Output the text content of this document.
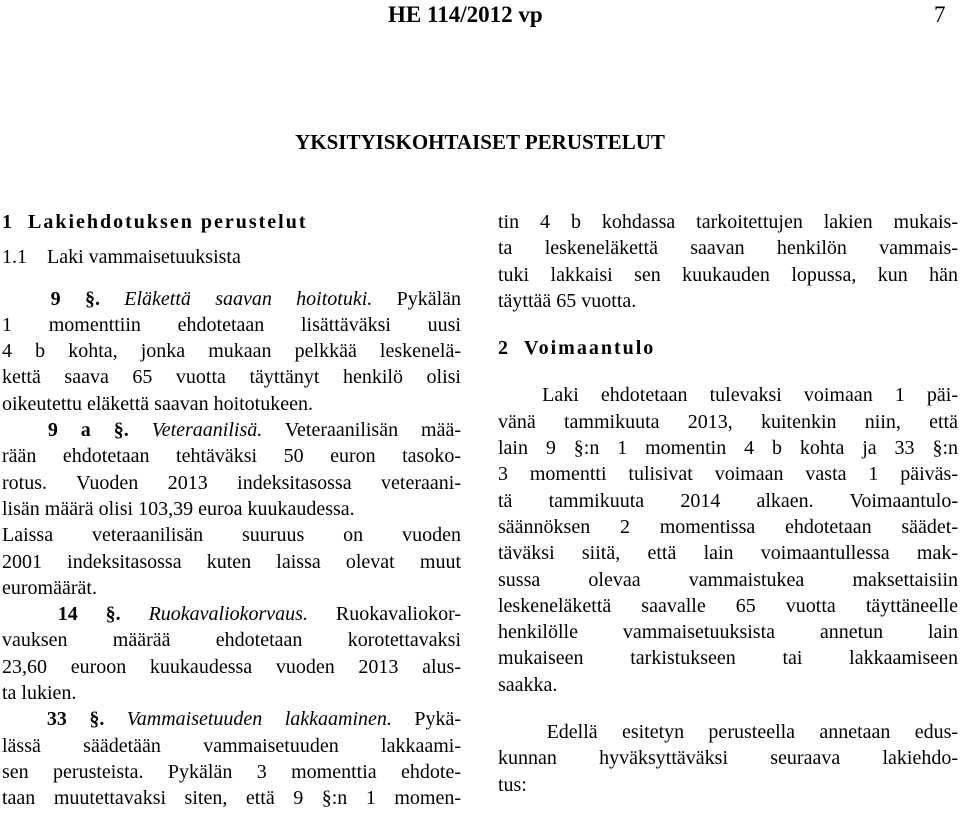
HE 114/2012 vp	7
YKSITYISKOHTAISET PERUSTELUT
1 Lakiehdotuksen perustelut
1.1 Laki vammaisetuuksista
9 §. Eläkettä saavan hoitotuki. Pykälän
1 momenttiin ehdotetaan lisättäväksi uusi
4 b kohta, jonka mukaan pelkkää leskenelä-
kettä saava 65 vuotta täyttänyt henkilö olisi
oikeutettu eläkettä saavan hoitotukeen.
9 a §. Veteraanilisä. Veteraanilisän mää-
rään ehdotetaan tehtäväksi 50 euron tasoko-
rotus. Vuoden 2013 indeksitasossa veteraani-
lisän määrä olisi 103,39 euroa kuukaudessa.
Laissa veteraanilisän suuruus on vuoden
2001 indeksitasossa kuten laissa olevat muut
euromäärät.
14 §. Ruokavaliokorvaus. Ruokavaliokor-
vauksen määrää ehdotetaan korotettavaksi
23,60 euroon kuukaudessa vuoden 2013 alus-
ta lukien.
33 §. Vammaisetuuden lakkaaminen. Pykä-
lässä säädetään vammaisetuuden lakkaami-
sen perusteista. Pykälän 3 momenttia ehdote-
taan muutettavaksi siten, että 9 §:n 1 momen-
tin 4 b kohdassa tarkoitettujen lakien mukais-
ta leskeneläkettä saavan henkilön vammais-
tuki lakkaisi sen kuukauden lopussa, kun hän
täyttää 65 vuotta.
2 Voimaantulo
Laki ehdotetaan tulevaksi voimaan 1 päi-
vänä tammikuuta 2013, kuitenkin niin, että
lain 9 §:n 1 momentin 4 b kohta ja 33 §:n
3 momentti tulisivat voimaan vasta 1 päiväs-
tä tammikuuta 2014 alkaen. Voimaantulo-
säännöksen 2 momentissa ehdotetaan säädet-
täväksi siitä, että lain voimaantullessa mak-
sussa olevaa vammaistukea maksettaisiin
leskeneläkettä saavalle 65 vuotta täyttäneelle
henkilölle vammaisetuuksista annetun lain
mukaiseen tarkistukseen tai lakkaamiseen
saakka.
Edellä esitetyn perusteella annetaan edus-
kunnan hyväksyttäväksi seuraava lakiehdo-
tus:
